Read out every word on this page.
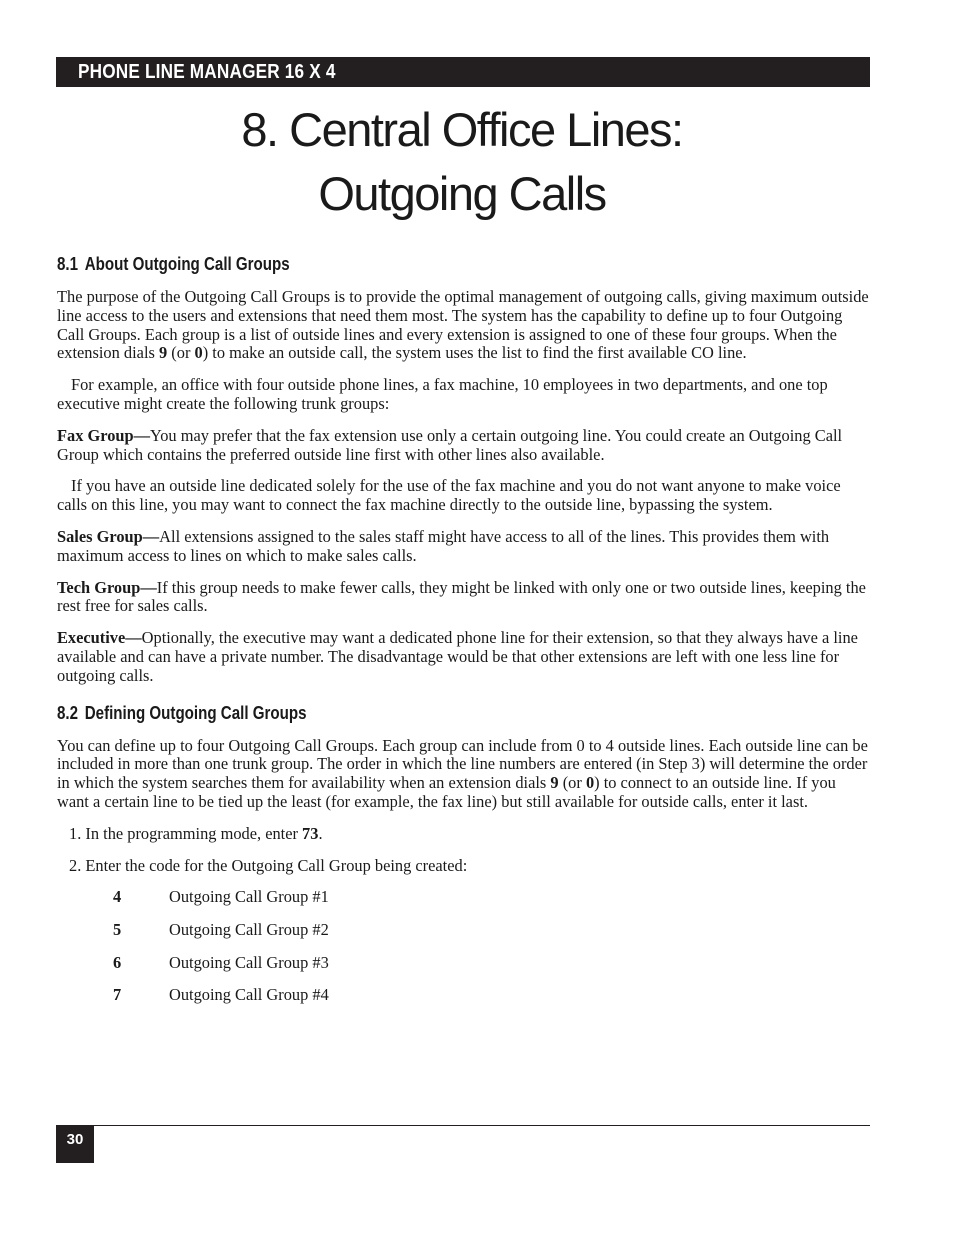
PHONE LINE MANAGER 16 X 4
8. Central Office Lines:
Outgoing Calls
8.1 About Outgoing Call Groups

The purpose of the Outgoing Call Groups is to provide the optimal management of outgoing calls, giving maximum outside line access to the users and extensions that need them most. The system has the capability to define up to four Outgoing Call Groups. Each group is a list of outside lines and every extension is assigned to one of these four groups. When the extension dials 9 (or 0) to make an outside call, the system uses the list to find the first available CO line.

For example, an office with four outside phone lines, a fax machine, 10 employees in two departments, and one top executive might create the following trunk groups:

Fax Group—You may prefer that the fax extension use only a certain outgoing line. You could create an Outgoing Call Group which contains the preferred outside line first with other lines also available.

If you have an outside line dedicated solely for the use of the fax machine and you do not want anyone to make voice calls on this line, you may want to connect the fax machine directly to the outside line, bypassing the system.

Sales Group—All extensions assigned to the sales staff might have access to all of the lines. This provides them with maximum access to lines on which to make sales calls.

Tech Group—If this group needs to make fewer calls, they might be linked with only one or two outside lines, keeping the rest free for sales calls.

Executive—Optionally, the executive may want a dedicated phone line for their extension, so that they always have a line available and can have a private number. The disadvantage would be that other extensions are left with one less line for outgoing calls.

8.2 Defining Outgoing Call Groups

You can define up to four Outgoing Call Groups. Each group can include from 0 to 4 outside lines. Each outside line can be included in more than one trunk group. The order in which the line numbers are entered (in Step 3) will determine the order in which the system searches them for availability when an extension dials 9 (or 0) to connect to an outside line. If you want a certain line to be tied up the least (for example, the fax line) but still available for outside calls, enter it last.

1. In the programming mode, enter 73.

2. Enter the code for the Outgoing Call Group being created:

4	Outgoing Call Group #1
5	Outgoing Call Group #2
6	Outgoing Call Group #3
7	Outgoing Call Group #4
30
